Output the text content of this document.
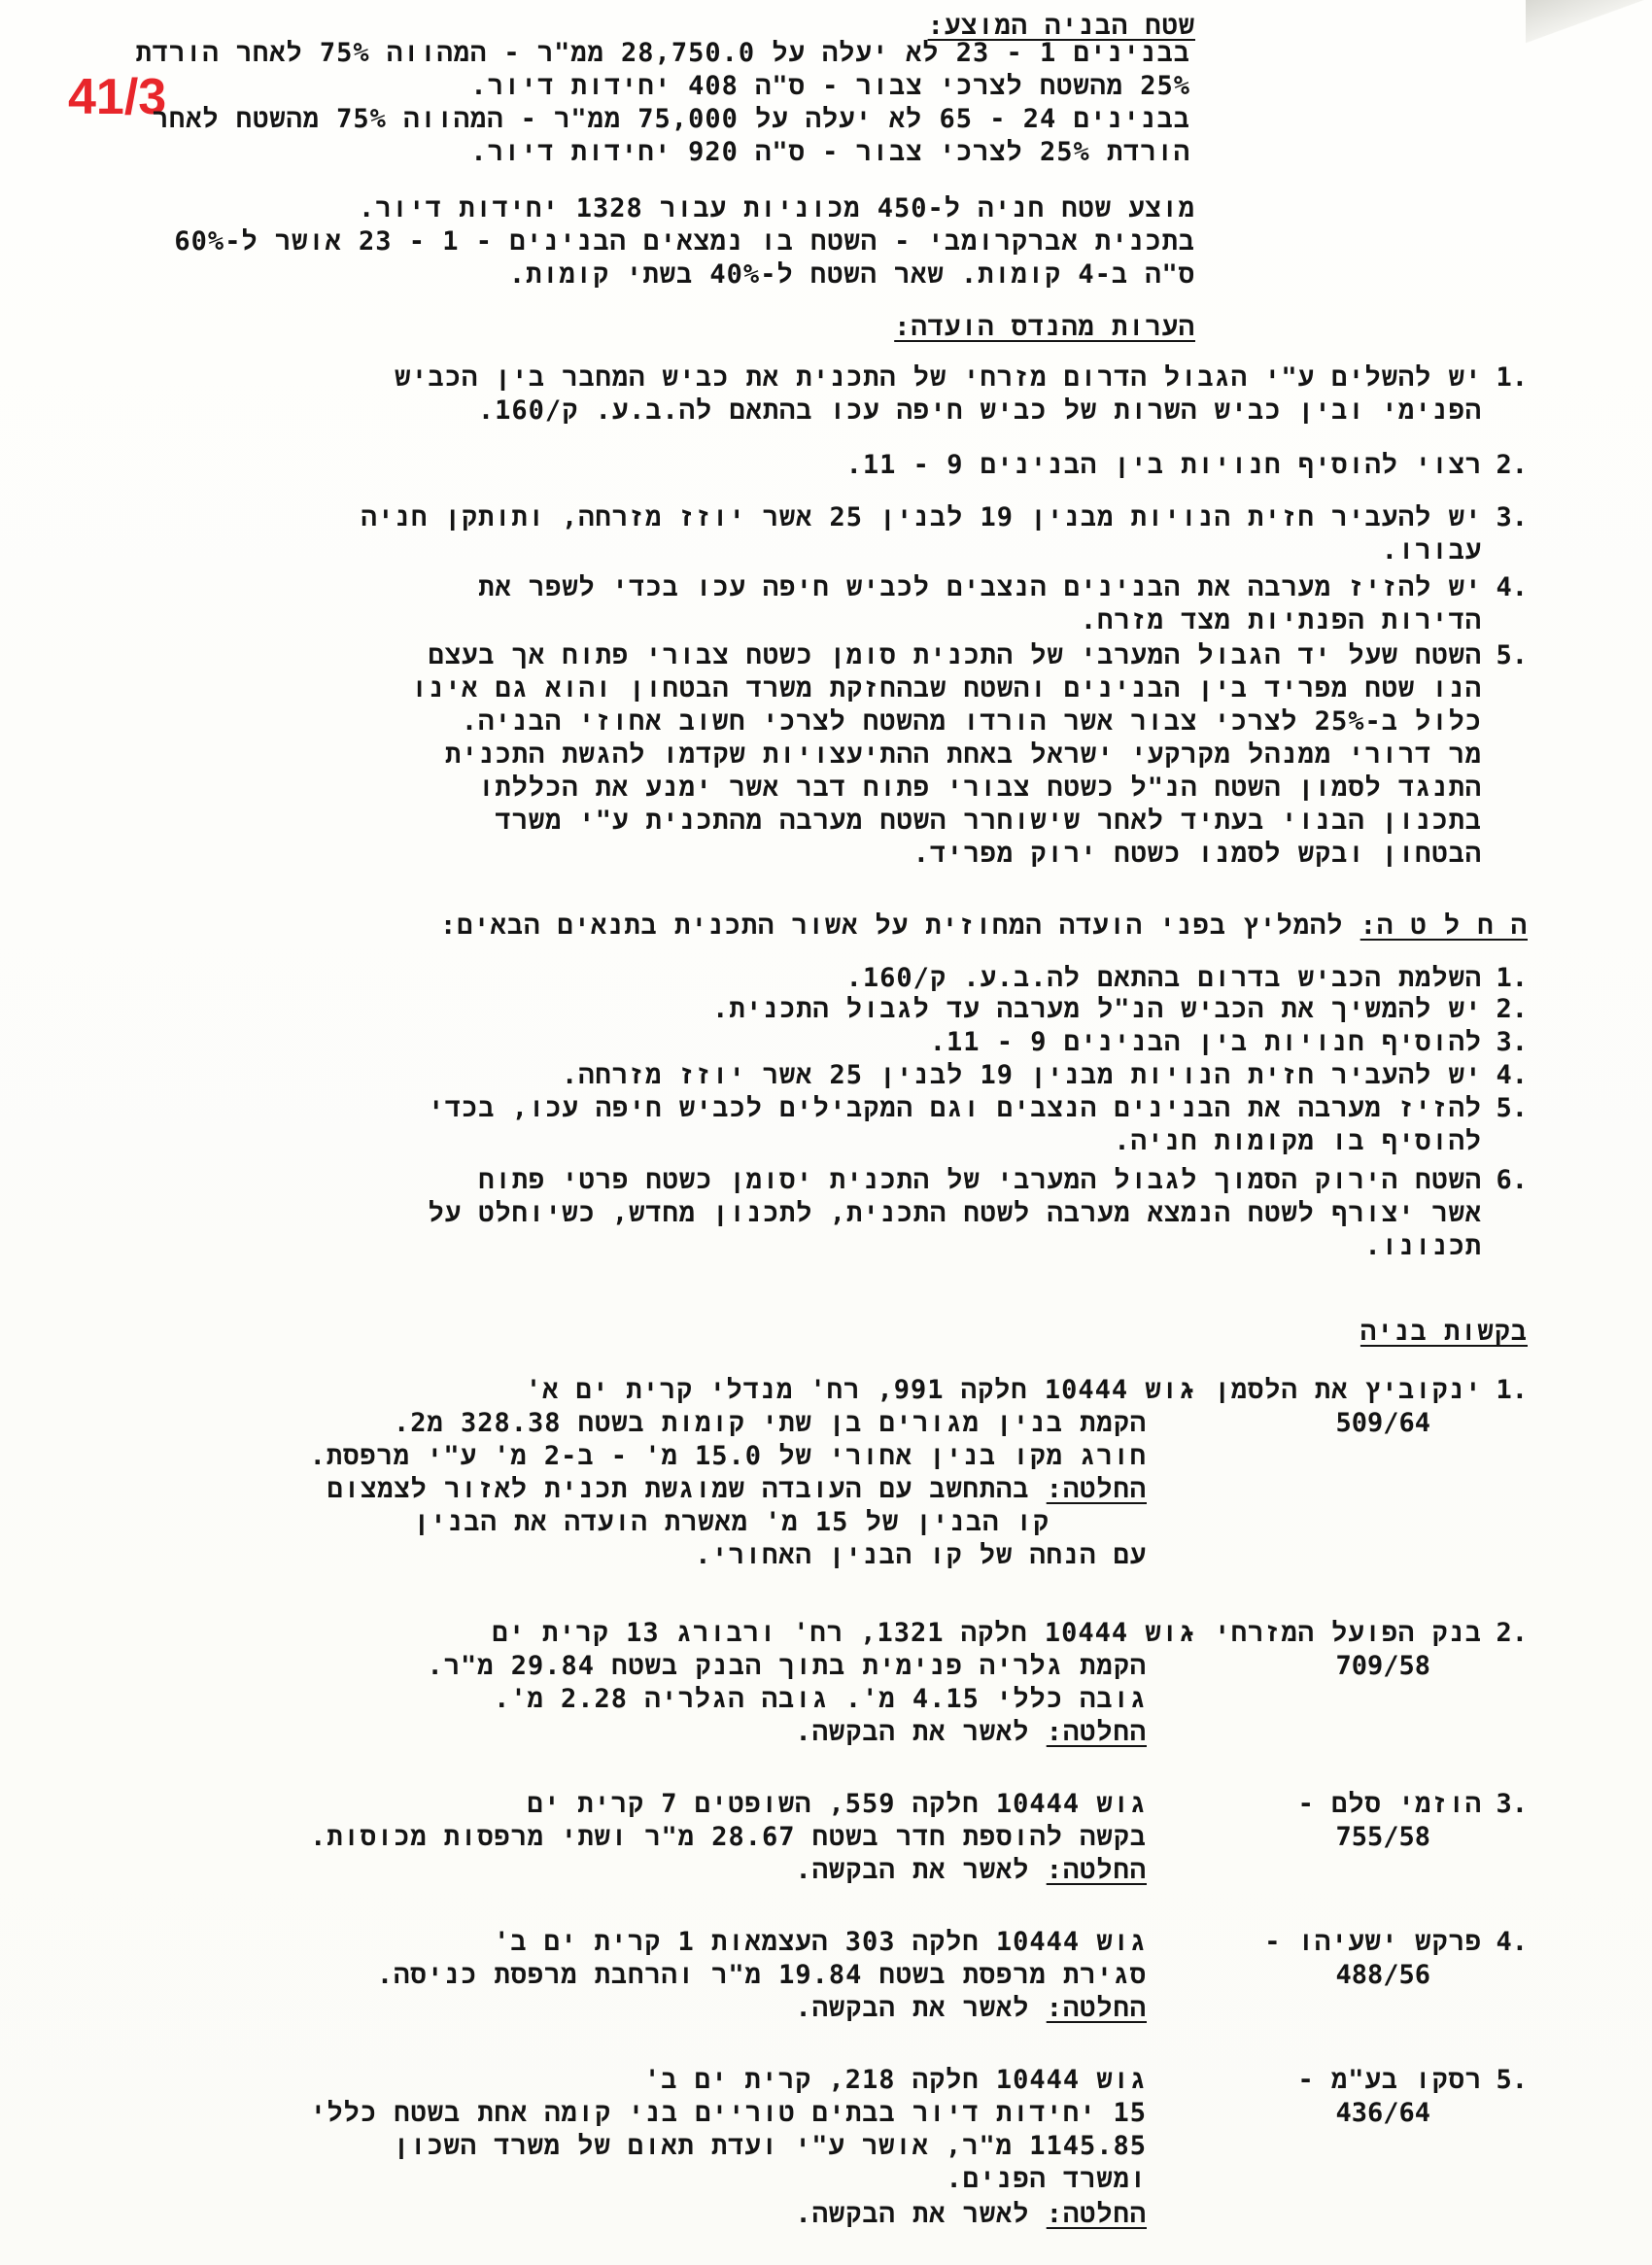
41/3
שטח הבניה המוצע:
בבנינים 1 - 23 לא יעלה על 28,750.0 ממ"ר - המהווה 75% לאחר הורדת
25% מהשטח לצרכי צבור - ס"ה 408 יחידות דיור.
בבנינים 24 - 65 לא יעלה על 75,000 ממ"ר - המהווה 75% מהשטח לאחר
הורדת 25% לצרכי צבור - ס"ה 920 יחידות דיור.
מוצע שטח חניה ל-450 מכוניות עבור 1328 יחידות דיור.
בתכנית אברקרומבי - השטח בו נמצאים הבנינים - 1 - 23 אושר ל-60%
ס"ה ב-4 קומות. שאר השטח ל-40% בשתי קומות.
הערות מהנדס הועדה:
1.
יש להשלים ע"י הגבול הדרום מזרחי של התכנית את כביש המחבר בין הכביש
הפנימי ובין כביש השרות של כביש חיפה עכו בהתאם לה.ב.ע. ק/160.
2.
רצוי להוסיף חנויות בין הבנינים 9 - 11.
3.
יש להעביר חזית הנויות מבנין 19 לבנין 25 אשר יוזז מזרחה, ותותקן חניה
עבורו.
4.
יש להזיז מערבה את הבנינים הנצבים לכביש חיפה עכו בכדי לשפר את
הדירות הפנתיות מצד מזרח.
5.
השטח שעל יד הגבול המערבי של התכנית סומן כשטח צבורי פתוח אך בעצם
הנו שטח מפריד בין הבנינים והשטח שבהחזקת משרד הבטחון והוא גם אינו
כלול ב-25% לצרכי צבור אשר הורדו מהשטח לצרכי חשוב אחוזי הבניה.
מר דרורי ממנהל מקרקעי ישראל באחת ההתיעצויות שקדמו להגשת התכנית
התנגד לסמון השטח הנ"ל כשטח צבורי פתוח דבר אשר ימנע את הכללתו
בתכנון הבנוי בעתיד לאחר שישוחרר השטח מערבה מהתכנית ע"י משרד
הבטחון ובקש לסמנו כשטח ירוק מפריד.
ה ח ל ט ה: להמליץ בפני הועדה המחוזית על אשור התכנית בתנאים הבאים:
1.
השלמת הכביש בדרום בהתאם לה.ב.ע. ק/160.
2.
יש להמשיך את הכביש הנ"ל מערבה עד לגבול התכנית.
3.
להוסיף חנויות בין הבנינים 9 - 11.
4.
יש להעביר חזית הנויות מבנין 19 לבנין 25 אשר יוזז מזרחה.
5.
להזיז מערבה את הבנינים הנצבים וגם המקבילים לכביש חיפה עכו, בכדי
להוסיף בו מקומות חניה.
6.
השטח הירוק הסמוך לגבול המערבי של התכנית יסומן כשטח פרטי פתוח
אשר יצורף לשטח הנמצא מערבה לשטח התכנית, לתכנון מחדש, כשיוחלט על
תכנונו.
בקשות בניה
1.
ינקוביץ את הלסמן -
509/64
גוש 10444 חלקה 991, רח' מנדלי קרית ים א'
הקמת בנין מגורים בן שתי קומות בשטח 328.38 מ2.
חורג מקו בנין אחורי של 15.0 מ' - ב-2 מ' ע"י מרפסת.
החלטה: בהתחשב עם העובדה שמוגשת תכנית לאזור לצמצום
קו הבנין של 15 מ' מאשרת הועדה את הבנין
עם הנחה של קו הבנין האחורי.
2.
בנק הפועל המזרחי -
709/58
גוש 10444 חלקה 1321, רח' ורבורג 13 קרית ים
הקמת גלריה פנימית בתוך הבנק בשטח 29.84 מ"ר.
גובה כללי 4.15 מ'. גובה הגלריה 2.28 מ'.
החלטה: לאשר את הבקשה.
3.
הוזמי סלם -
755/58
גוש 10444 חלקה 559, השופטים 7 קרית ים
בקשה להוספת חדר בשטח 28.67 מ"ר ושתי מרפסות מכוסות.
החלטה: לאשר את הבקשה.
4.
פרקש ישעיהו -
488/56
גוש 10444 חלקה 303 העצמאות 1 קרית ים ב'
סגירת מרפסת בשטח 19.84 מ"ר והרחבת מרפסת כניסה.
החלטה: לאשר את הבקשה.
5.
רסקו בע"מ -
436/64
גוש 10444 חלקה 218, קרית ים ב'
15 יחידות דיור בבתים טוריים בני קומה אחת בשטח כללי
1145.85 מ"ר, אושר ע"י ועדת תאום של משרד השכון
ומשרד הפנים.
החלטה: לאשר את הבקשה.
